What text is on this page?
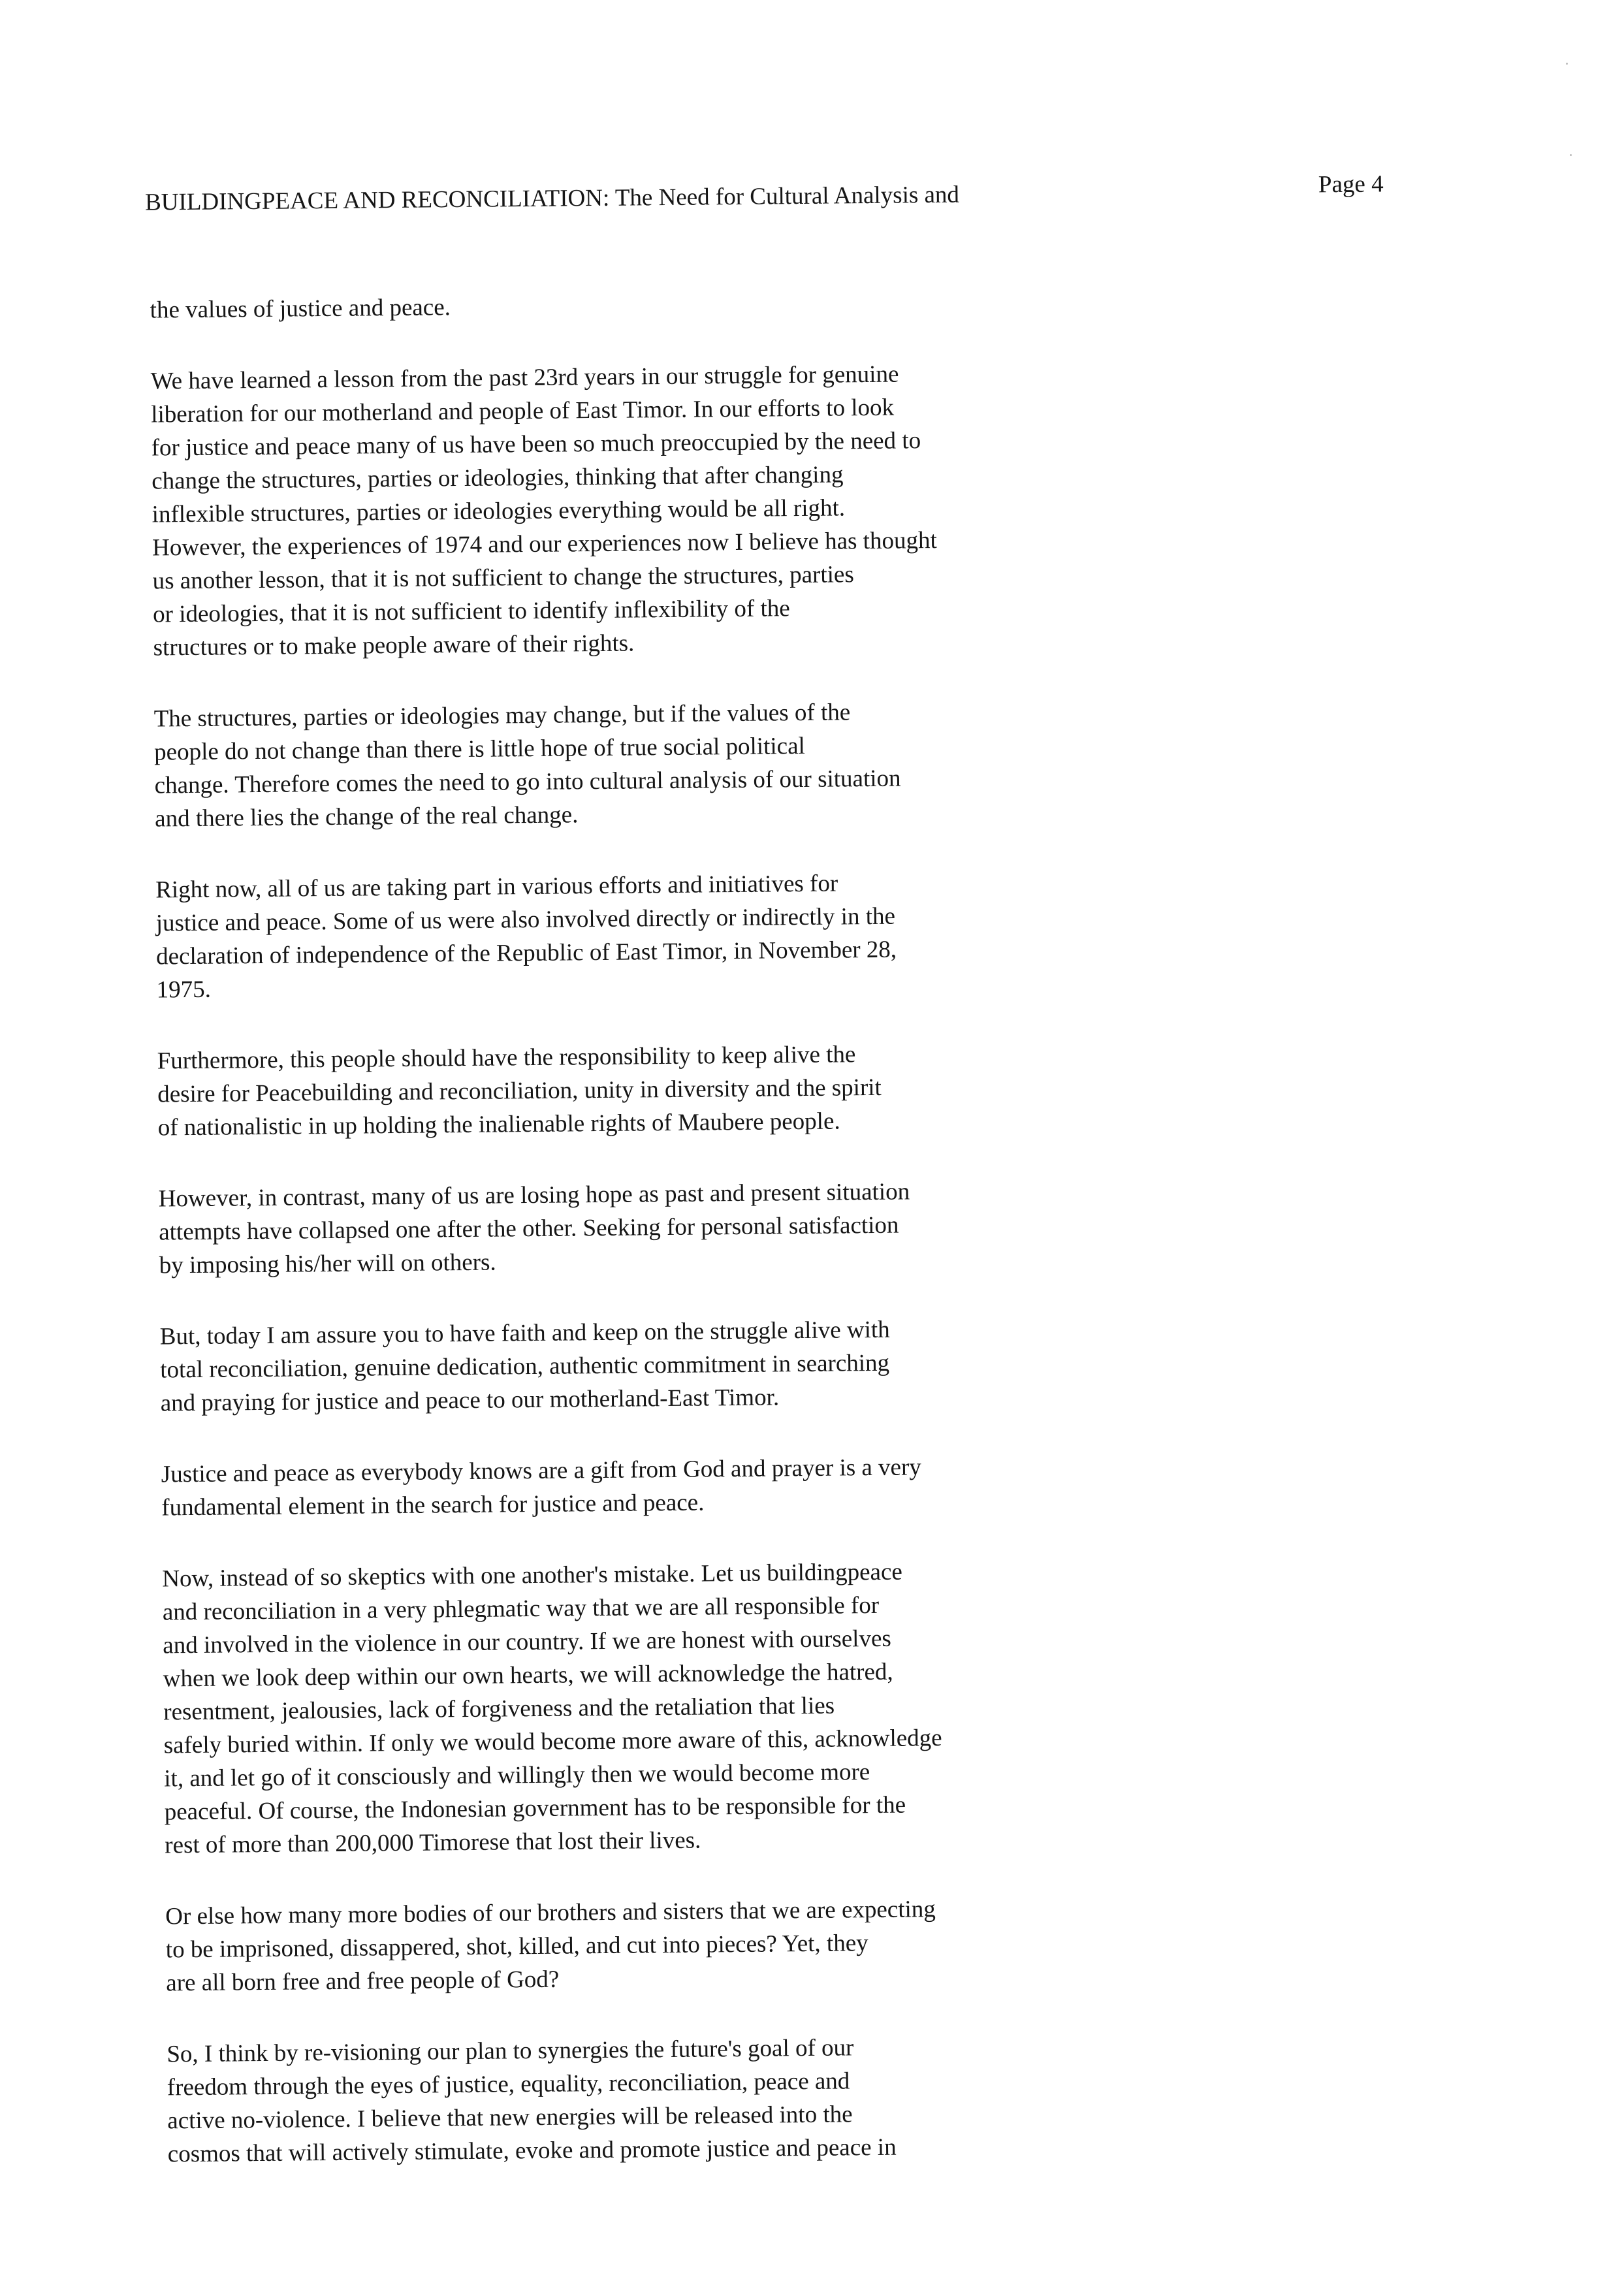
BUILDINGPEACE AND RECONCILIATION: The Need for Cultural Analysis and	Page 4
the values of justice and peace.
We have learned a lesson from the past 23rd years in our struggle for genuine
liberation for our motherland and people of East Timor. In our efforts to look
for justice and peace many of us have been so much preoccupied by the need to
change the structures, parties or ideologies, thinking that after changing
inflexible structures, parties or ideologies everything would be all right.
However, the experiences of 1974 and our experiences now I believe has thought
us another lesson, that it is not sufficient to change the structures, parties
or ideologies, that it is not sufficient to identify inflexibility of the
structures or to make people aware of their rights.
The structures, parties or ideologies may change, but if the values of the
people do not change than there is little hope of true social political
change. Therefore comes the need to go into cultural analysis of our situation
and there lies the change of the real change.
Right now, all of us are taking part in various efforts and initiatives for
justice and peace. Some of us were also involved directly or indirectly in the
declaration of independence of the Republic of East Timor, in November 28,
1975.
Furthermore, this people should have the responsibility to keep alive the
desire for Peacebuilding and reconciliation, unity in diversity and the spirit
of nationalistic in up holding the inalienable rights of Maubere people.
However, in contrast, many of us are losing hope as past and present situation
attempts have collapsed one after the other. Seeking for personal satisfaction
by imposing his/her will on others.
But, today I am assure you to have faith and keep on the struggle alive with
total reconciliation, genuine dedication, authentic commitment in searching
and praying for justice and peace to our motherland-East Timor.
Justice and peace as everybody knows are a gift from God and prayer is a very
fundamental element in the search for justice and peace.
Now, instead of so skeptics with one another's mistake. Let us buildingpeace
and reconciliation in a very phlegmatic way that we are all responsible for
and involved in the violence in our country. If we are honest with ourselves
when we look deep within our own hearts, we will acknowledge the hatred,
resentment, jealousies, lack of forgiveness and the retaliation that lies
safely buried within. If only we would become more aware of this, acknowledge
it, and let go of it consciously and willingly then we would become more
peaceful. Of course, the Indonesian government has to be responsible for the
rest of more than 200,000 Timorese that lost their lives.
Or else how many more bodies of our brothers and sisters that we are expecting
to be imprisoned, dissappered, shot, killed, and cut into pieces? Yet, they
are all born free and free people of God?
So, I think by re-visioning our plan to synergies the future's goal of our
freedom through the eyes of justice, equality, reconciliation, peace and
active no-violence. I believe that new energies will be released into the
cosmos that will actively stimulate, evoke and promote justice and peace in
